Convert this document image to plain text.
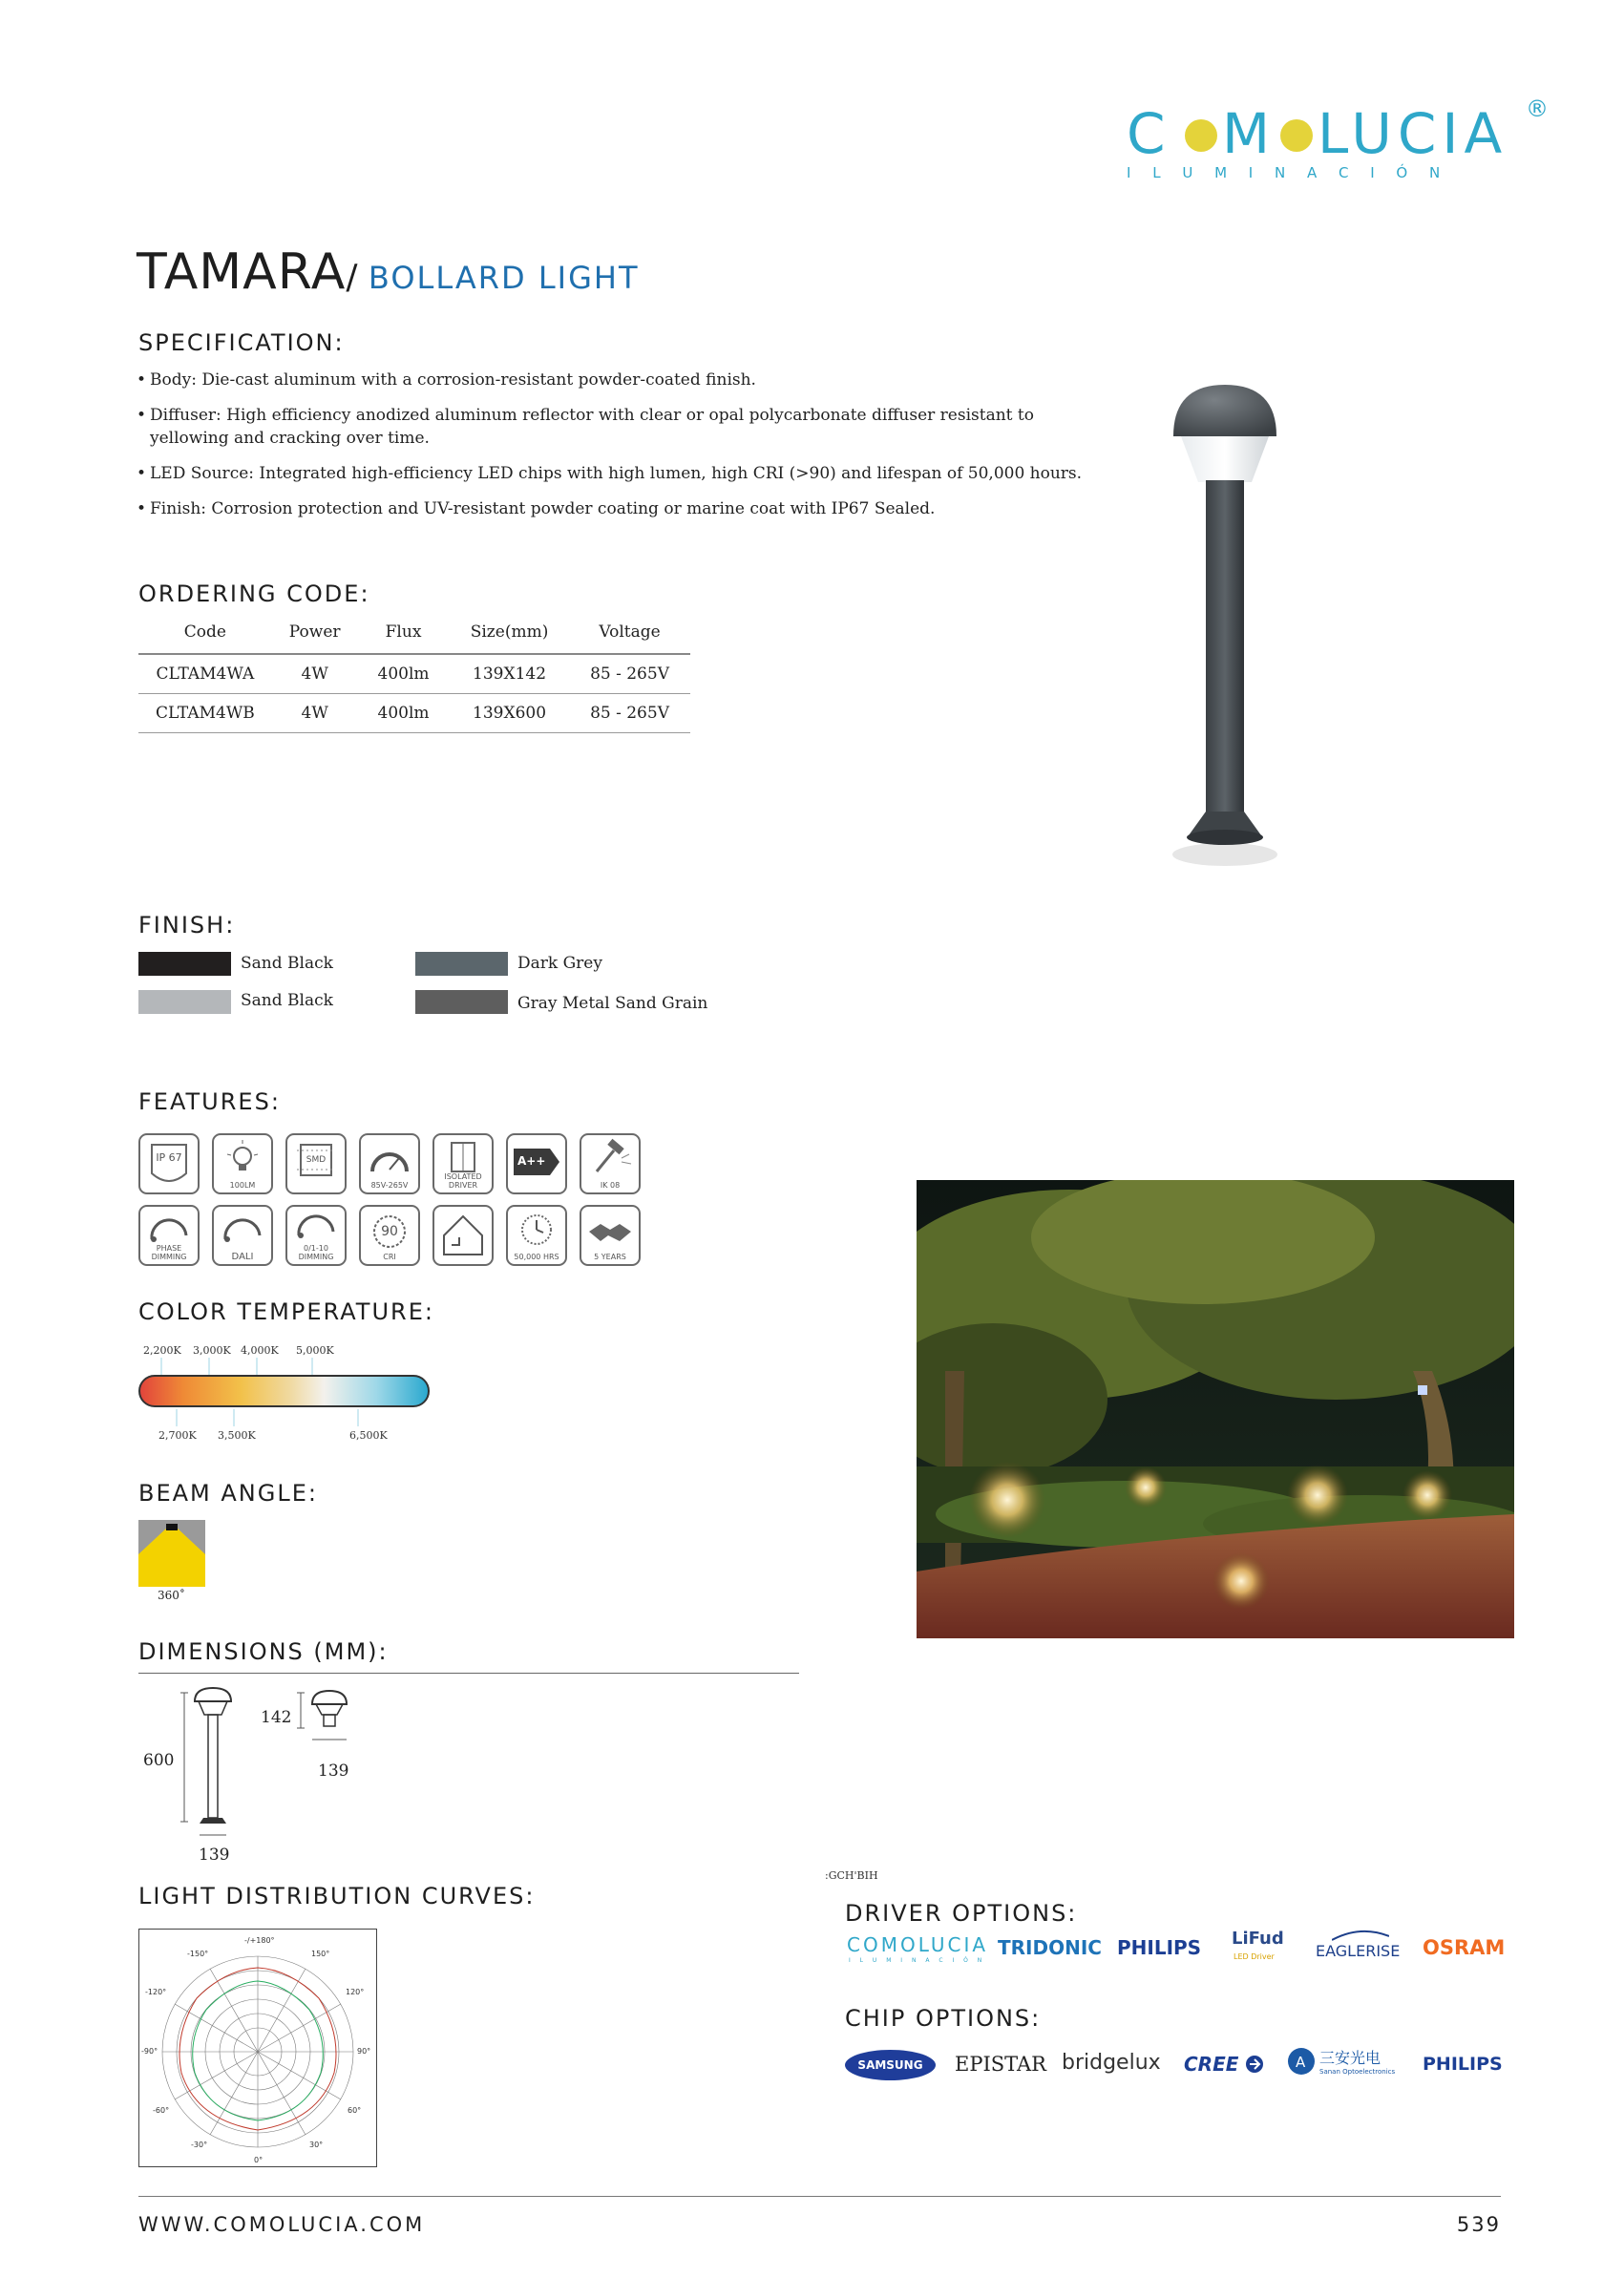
C M LUCIA ®
I L U M I N A C I Ó N
TAMARA/ BOLLARD LIGHT
SPECIFICATION:
• Body: Die-cast aluminum with a corrosion-resistant powder-coated finish.
• Diffuser: High efficiency anodized aluminum reflector with clear or opal polycarbonate diffuser resistant to yellowing and cracking over time.
• LED Source: Integrated high-efficiency LED chips with high lumen, high CRI (>90) and lifespan of 50,000 hours.
• Finish: Corrosion protection and UV-resistant powder coating or marine coat with IP67 Sealed.
ORDERING CODE:
Code	Power	Flux	Size(mm)	Voltage
CLTAM4WA	4W	400lm	139X142	85 - 265V
CLTAM4WB	4W	400lm	139X600	85 - 265V
FINISH:
Sand Black	Dark Grey
Sand Black	Gray Metal Sand Grain
FEATURES:
IP 67
100LM
SMD
85V-265V
ISOLATED DRIVER
A++
IK 08
PHASE DIMMING	DALI
0/1-10 DIMMING
90
CRI	50,000 HRS	5 YEARS
COLOR TEMPERATURE:
2,200K 3,000K 4,000K 5,000K
2,700K 3,500K	6,500K
BEAM ANGLE:
360˚
DIMENSIONS (MM):
600
139
142
139
LIGHT DISTRIBUTION CURVES:
-/+180°
-150°	150°
-120°	120°
-90°	90°
-60°	60°
-30°	30°
0°
:GCH'BIH
DRIVER OPTIONS:
COMOLUCIA
I L U M I N A C I Ó N
TRIDONIC PHILIPS LiFud
LED Driver	EAGLERISE OSRAM
CHIP OPTIONS:
SAMSUNG	EPISTAR bridgelux CREE	A 三安光电
Sanan Optoelectronics PHILIPS
WWW.COMOLUCIA.COM	539
